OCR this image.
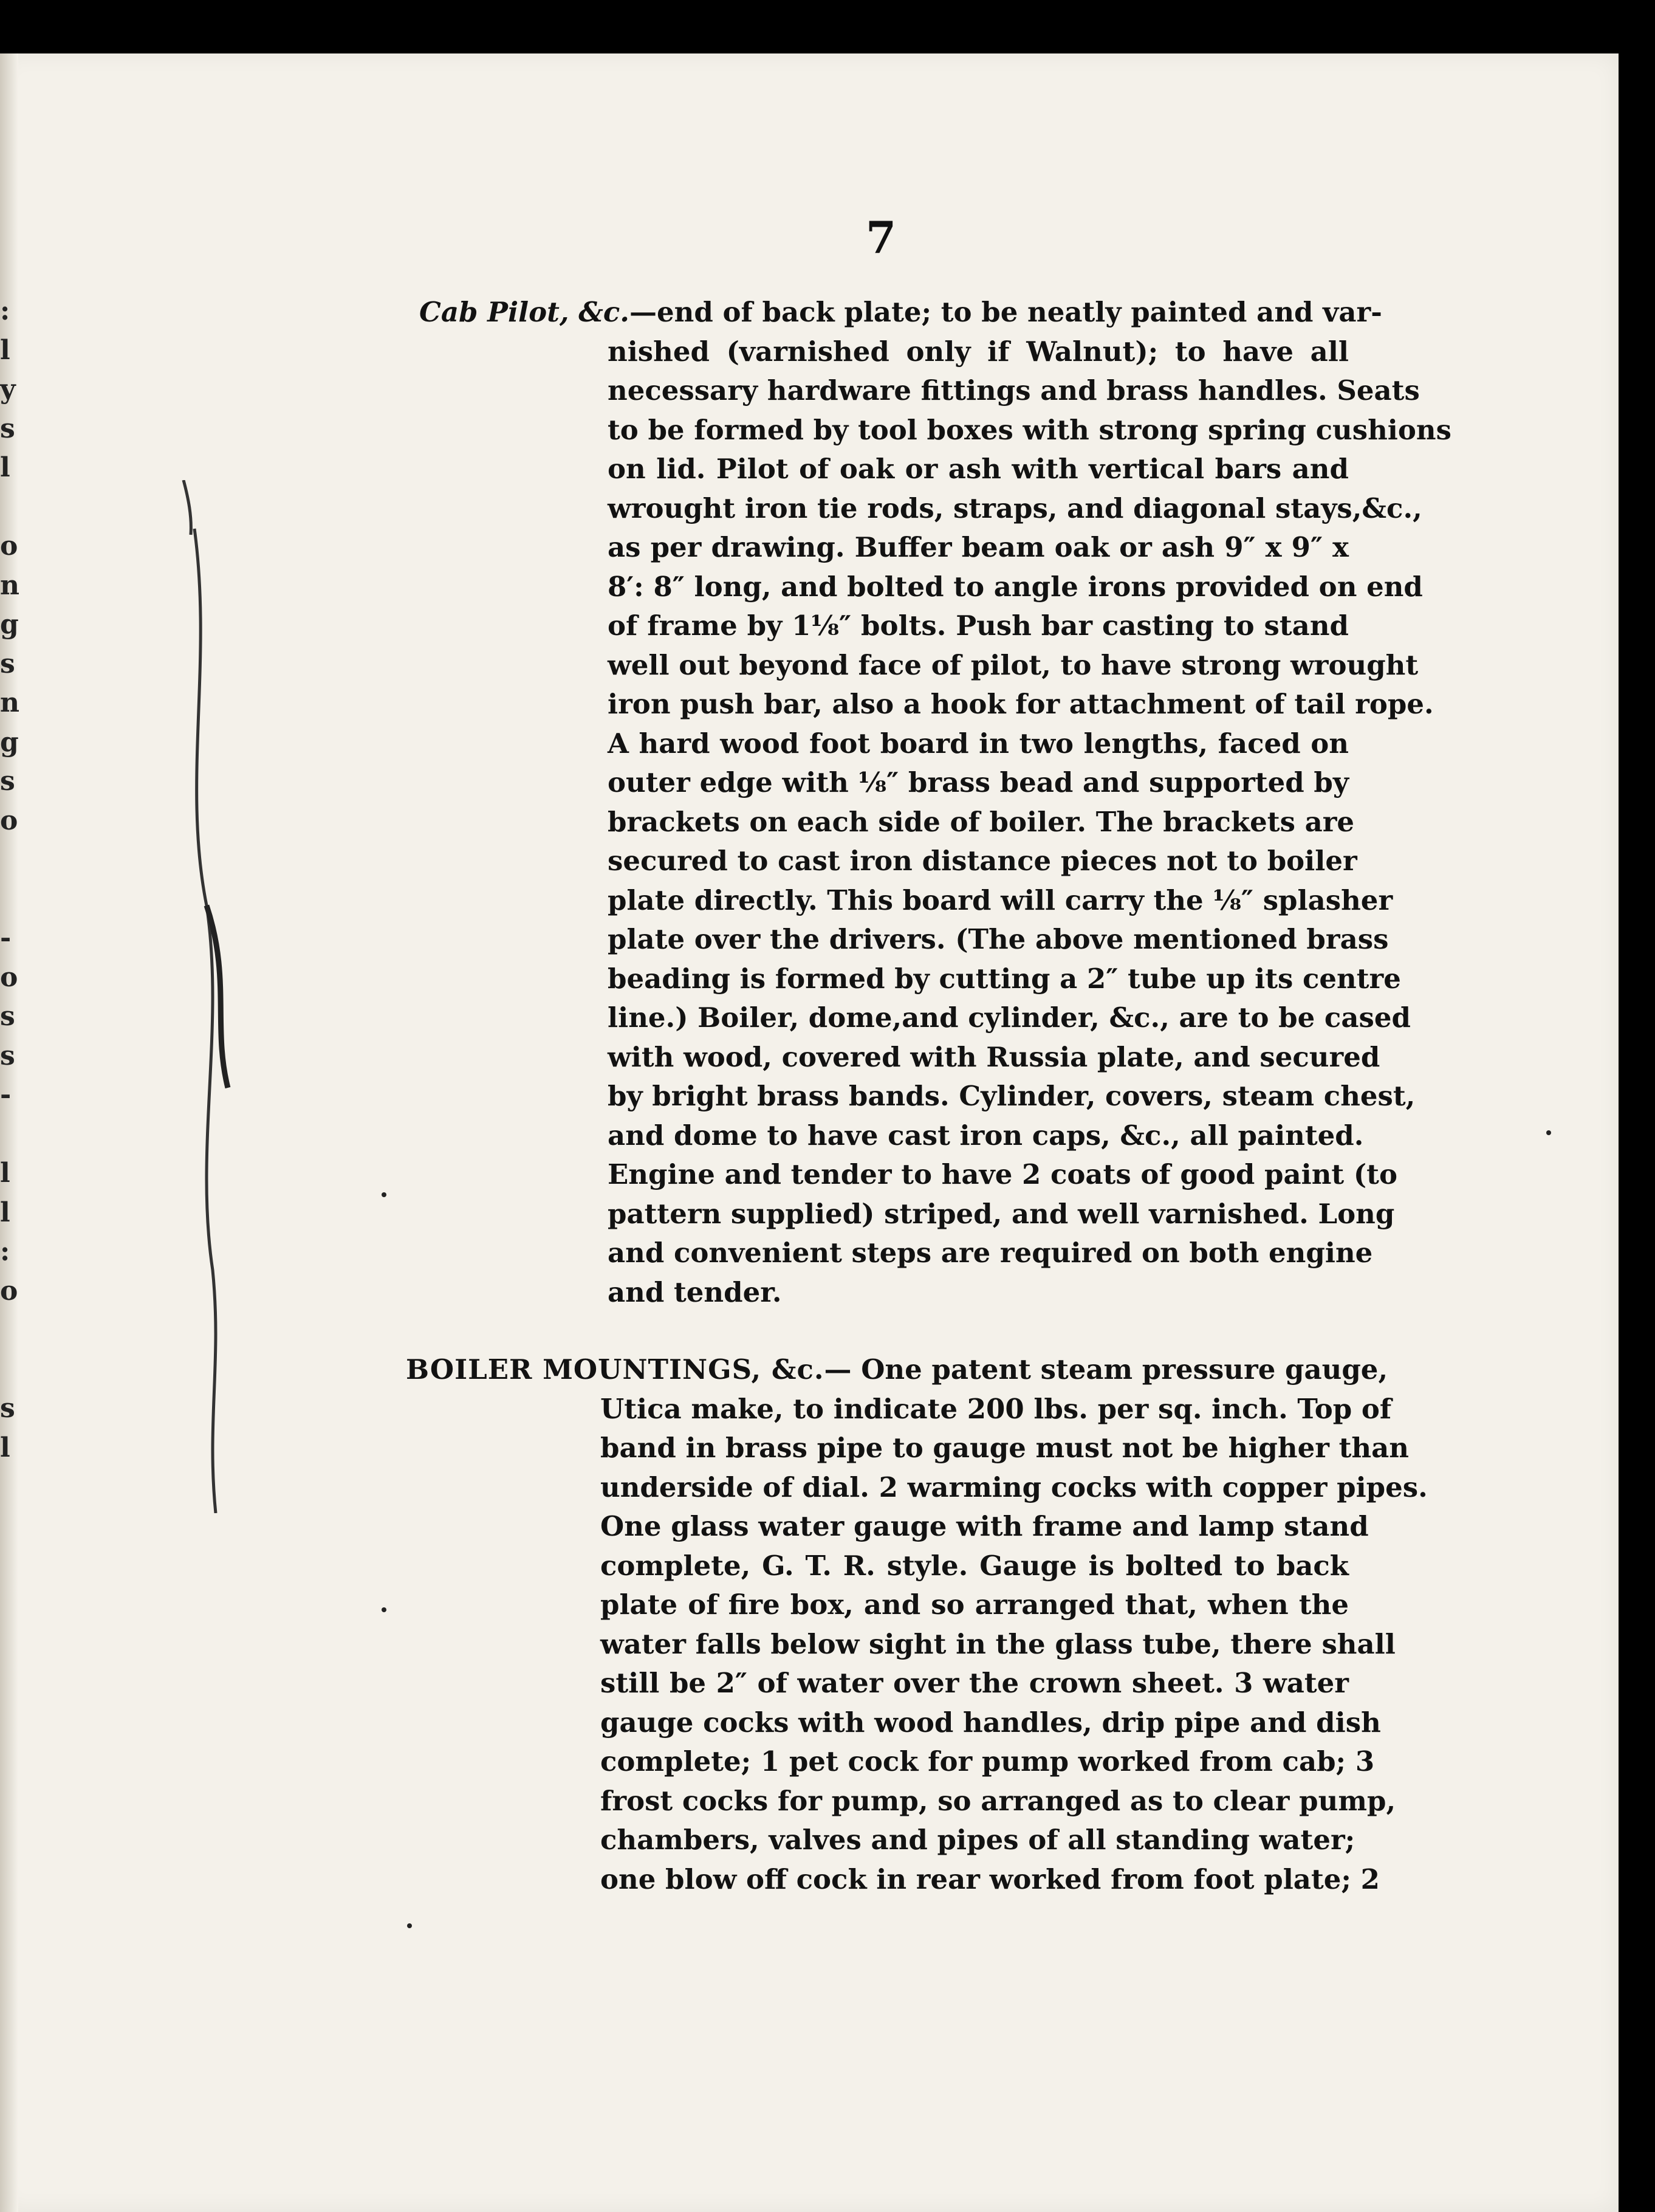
:
l
y
s
l
o
n
g
s
n
g
s
o
-
o
s
s
-
l
l
:
o
s
l
7
Cab Pilot, &c.—end of back plate; to be neatly painted and var-
nished (varnished only if Walnut); to have all
necessary hardware fittings and brass handles. Seats
to be formed by tool boxes with strong spring cushions
on lid. Pilot of oak or ash with vertical bars and
wrought iron tie rods, straps, and diagonal stays,&c.,
as per drawing. Buffer beam oak or ash 9″ x 9″ x
8′: 8″ long, and bolted to angle irons provided on end
of frame by 1⅛″ bolts. Push bar casting to stand
well out beyond face of pilot, to have strong wrought
iron push bar, also a hook for attachment of tail rope.
A hard wood foot board in two lengths, faced on
outer edge with ⅛″ brass bead and supported by
brackets on each side of boiler. The brackets are
secured to cast iron distance pieces not to boiler
plate directly. This board will carry the ⅛″ splasher
plate over the drivers. (The above mentioned brass
beading is formed by cutting a 2″ tube up its centre
line.) Boiler, dome,and cylinder, &c., are to be cased
with wood, covered with Russia plate, and secured
by bright brass bands. Cylinder, covers, steam chest,
and dome to have cast iron caps, &c., all painted.
Engine and tender to have 2 coats of good paint (to
pattern supplied) striped, and well varnished. Long
and convenient steps are required on both engine
and tender.
BOILER MOUNTINGS, &c.— One patent steam pressure gauge,
Utica make, to indicate 200 lbs. per sq. inch. Top of
band in brass pipe to gauge must not be higher than
underside of dial. 2 warming cocks with copper pipes.
One glass water gauge with frame and lamp stand
complete, G. T. R. style. Gauge is bolted to back
plate of fire box, and so arranged that, when the
water falls below sight in the glass tube, there shall
still be 2″ of water over the crown sheet. 3 water
gauge cocks with wood handles, drip pipe and dish
complete; 1 pet cock for pump worked from cab; 3
frost cocks for pump, so arranged as to clear pump,
chambers, valves and pipes of all standing water;
one blow off cock in rear worked from foot plate; 2
